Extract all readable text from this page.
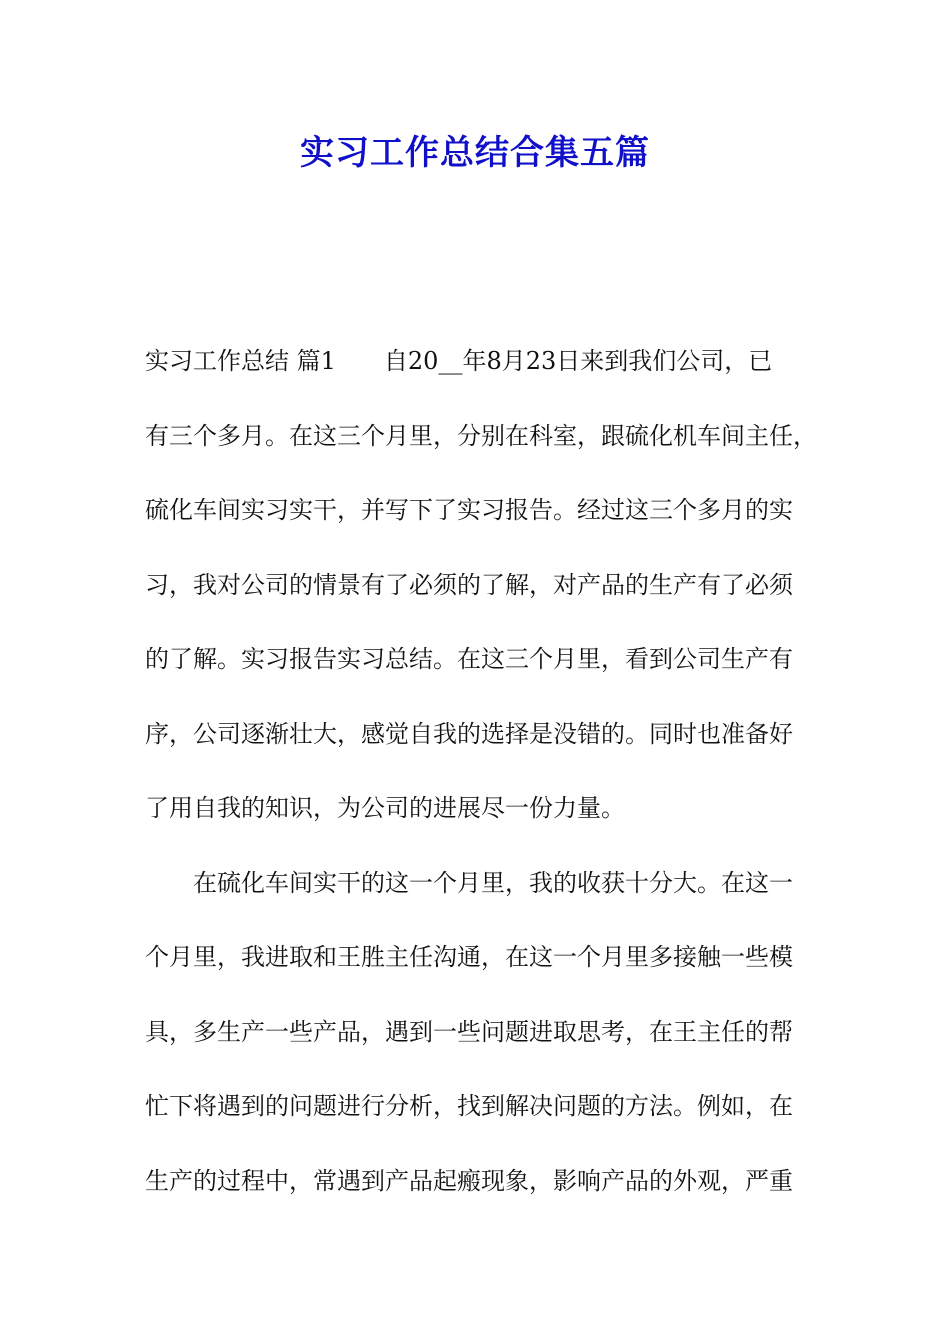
实习工作总结合集五篇
实习工作总结 篇1 自20__年8月23日来到我们公司，已
有三个多月。在这三个月里，分别在科室，跟硫化机车间主任，
硫化车间实习实干，并写下了实习报告。经过这三个多月的实
习，我对公司的情景有了必须的了解，对产品的生产有了必须
的了解。实习报告实习总结。在这三个月里，看到公司生产有
序，公司逐渐壮大，感觉自我的选择是没错的。同时也准备好
了用自我的知识，为公司的进展尽一份力量。
在硫化车间实干的这一个月里，我的收获十分大。在这一
个月里，我进取和王胜主任沟通，在这一个月里多接触一些模
具，多生产一些产品，遇到一些问题进取思考，在王主任的帮
忙下将遇到的问题进行分析，找到解决问题的方法。例如，在
生产的过程中，常遇到产品起瘢现象，影响产品的外观，严重
